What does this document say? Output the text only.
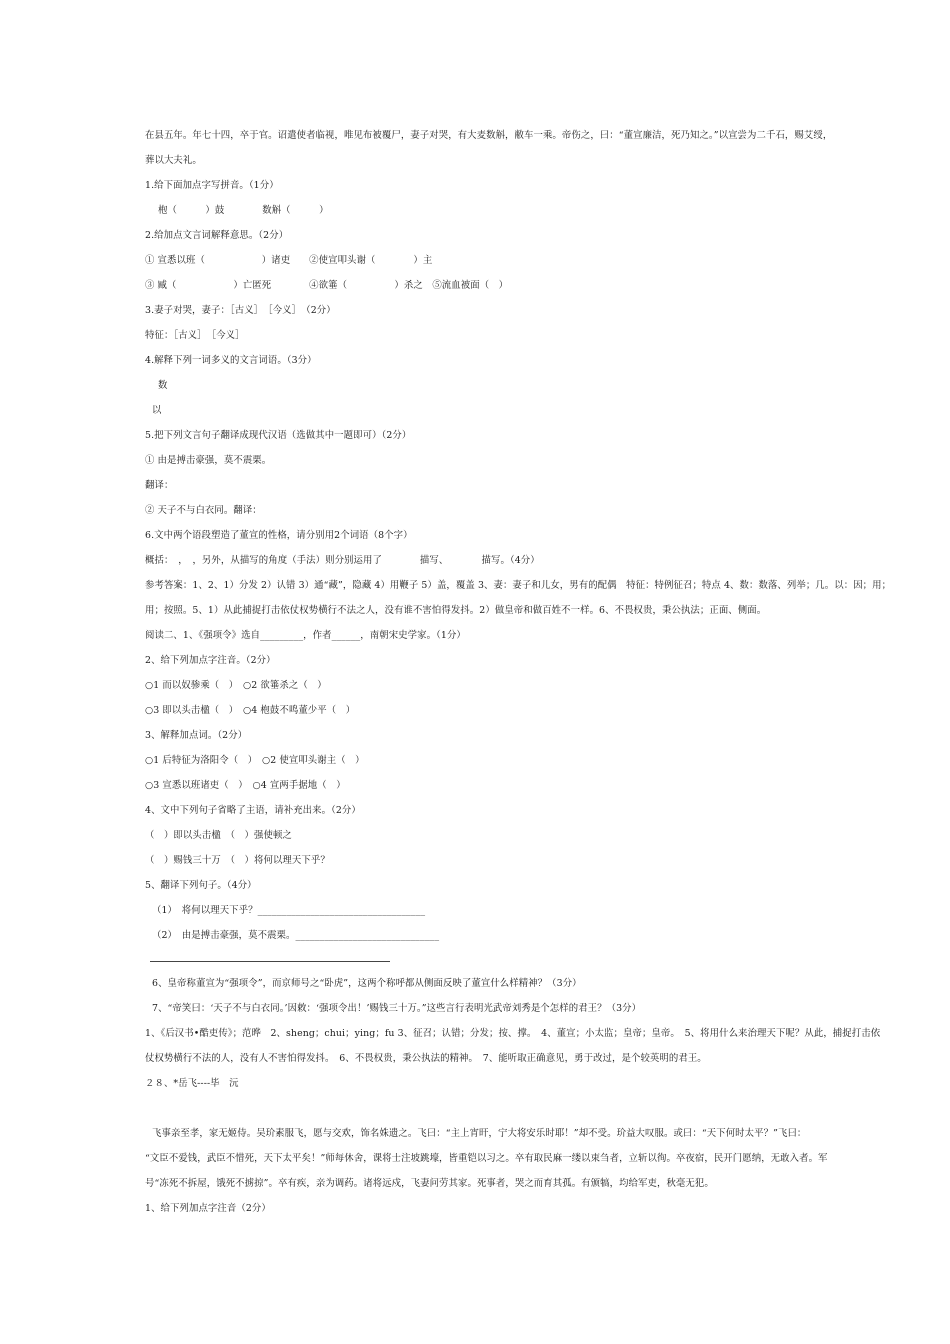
在县五年。年七十四，卒于官。诏遣使者临视，唯见布被覆尸，妻子对哭，有大麦数斛，敝车一乘。帝伤之，曰：“董宣廉洁，死乃知之。”以宣尝为二千石，赐艾绶，
葬以大夫礼。
1.给下面加点字写拼音。（1分）
枹（　　　）鼓　　　　数斛（　　　）
2.给加点文言词解释意思。（2分）
① 宣悉以班（　　　　　　）诸吏　　②使宣叩头谢（　　　　）主
③ 臧（　　　　　　）亡匿死　　　　④欲箠（　　　　　）杀之　⑤流血被面（　）
3.妻子对哭，妻子：［古义］　［今义］　（2分）
特征：［古义］　［今义］
4.解释下列一词多义的文言词语。（3分）
数
以
5.把下列文言句子翻译成现代汉语（选做其中一题即可）（2分）
① 由是搏击豪强，莫不震栗。
翻译：
② 天子不与白衣同。翻译：
6.文中两个语段塑造了董宣的性格，请分别用2个词语（8个字）
概括：　，　，另外，从描写的角度（手法）则分别运用了　　　　描写、　　　　描写。（4分）
参考答案：1、2、1）分发 2）认错 3）通“藏”，隐藏 4）用鞭子 5）盖，覆盖 3、妻：妻子和儿女，男有的配偶　特征：特例征召；特点 4、数：数落、列举；几。以：因；用；
用；按照。5、1）从此捕捉打击依仗权势横行不法之人，没有谁不害怕得发抖。2）做皇帝和做百姓不一样。6、不畏权贵，秉公执法；正面、侧面。
阅读二、1、《强项令》选自_________，作者______，南朝宋史学家。（1分）
2、给下列加点字注音。（2分）
○1 而以奴骖乘（　）　○2 欲箠杀之（　）
○3 即以头击楹（　）　○4 枹鼓不鸣董少平（　）
3、解释加点词。（2分）
○1 后特征为洛阳令（　）　○2 使宣叩头谢主（　）
○3 宣悉以班诸吏（　）　○4 宣两手据地（　）
4、文中下列句子省略了主语，请补充出来。（2分）
（　）即以头击楹　（　）强使顿之
（　）赐钱三十万　（　）将何以理天下乎？
5、翻译下列句子。（4分）
（1）　将何以理天下乎？___________________________________
（2）　由是搏击豪强，莫不震栗。______________________________
6、皇帝称董宣为“强项令”，而京师号之“卧虎”，这两个称呼都从侧面反映了董宣什么样精神？（3分）
7、“帝笑曰：‘天子不与白衣同。’因敕：‘强项令出！’赐钱三十万。”这些言行表明光武帝刘秀是个怎样的君王？（3分）
1、《后汉书•酷吏传》；范晔　2、sheng；chui；ying；fu 3、征召；认错；分发；按、撑。　4、董宣；小太监；皇帝；皇帝。　5、将用什么来治理天下呢？从此，捕捉打击依
仗权势横行不法的人，没有人不害怕得发抖。　6、不畏权贵，秉公执法的精神。　7、能听取正确意见，勇于改过，是个较英明的君王。
２８、*岳飞----毕　沅
飞事亲至孝，家无姬侍。吴玠素服飞，愿与交欢，饰名姝遗之。飞曰：“主上宵旰，宁大将安乐时耶！”却不受。玠益大叹服。或曰：“天下何时太平？”飞曰：
“文臣不爱钱，武臣不惜死，天下太平矣！”师每休舍，课将士注坡跳壕，皆重铠以习之。卒有取民麻一缕以束刍者，立斩以徇。卒夜宿，民开门愿纳，无敢入者。军
号“冻死不拆屋，饿死不掳掠”。卒有疾，亲为调药。诸将远戍，飞妻问劳其家。死事者，哭之而育其孤。有颁犒，均给军吏，秋毫无犯。
1、给下列加点字注音（2分）
